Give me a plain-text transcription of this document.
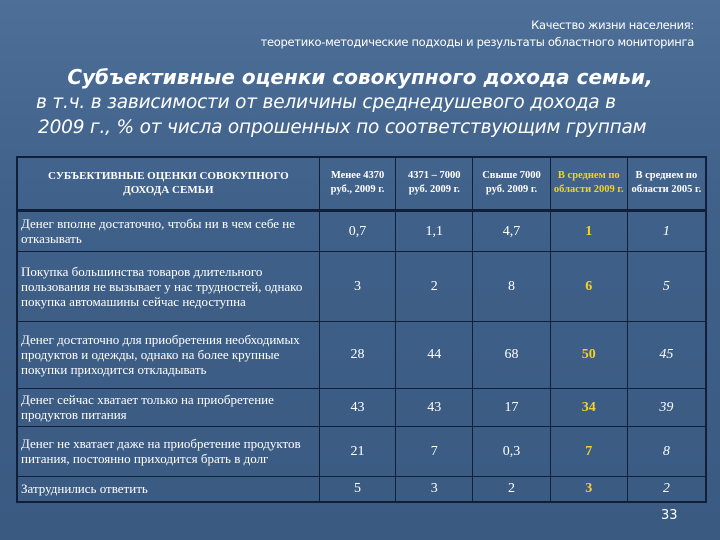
Качество жизни населения:
теоретико-методические подходы и результаты областного мониторинга
Субъективные оценки совокупного дохода семьи,
в т.ч. в зависимости от величины среднедушевого дохода в
2009 г., % от числа опрошенных по соответствующим группам
СУБЪЕКТИВНЫЕ ОЦЕНКИ СОВОКУПНОГО ДОХОДА СЕМЬИ	Менее 4370 руб., 2009 г.	4371 – 7000 руб. 2009 г.	Свыше 7000 руб. 2009 г.	В среднем по области 2009 г.	В среднем по области 2005 г.
Денег вполне достаточно, чтобы ни в чем себе не отказывать	0,7	1,1	4,7	1	1
Покупка большинства товаров длительного пользования не вызывает у нас трудностей, однако покупка автомашины сейчас недоступна	3	2	8	6	5
Денег достаточно для приобретения необходимых продуктов и одежды, однако на более крупные покупки приходится откладывать	28	44	68	50	45
Денег сейчас хватает только на приобретение продуктов питания	43	43	17	34	39
Денег не хватает даже на приобретение продуктов питания, постоянно приходится брать в долг	21	7	0,3	7	8
Затруднились ответить	5	3	2	3	2
33
